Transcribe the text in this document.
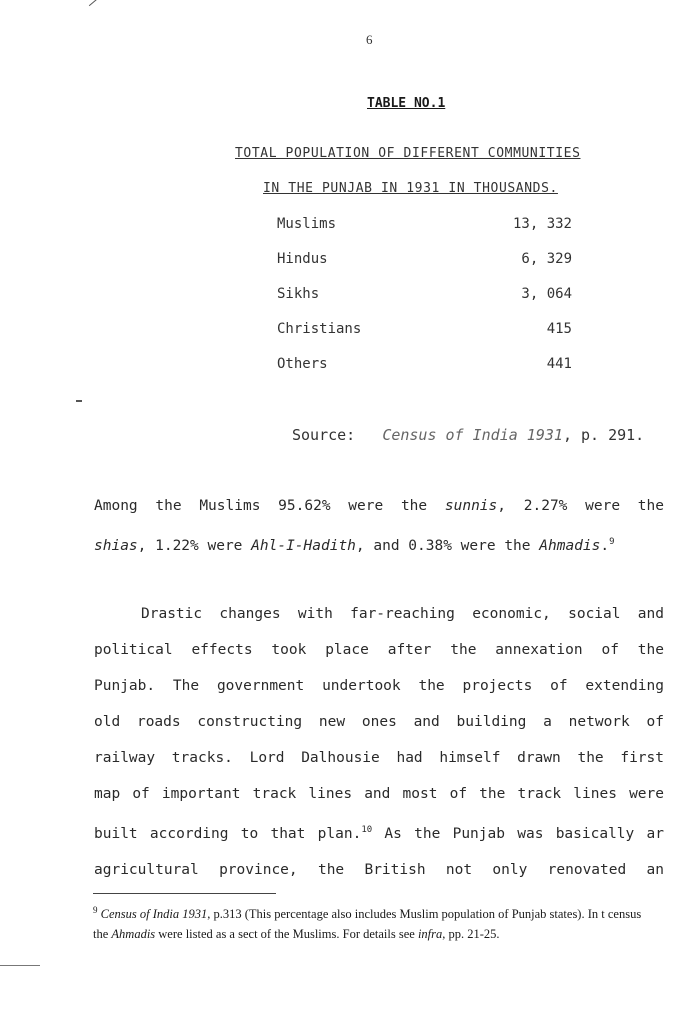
6
TABLE NO.1
TOTAL POPULATION OF DIFFERENT COMMUNITIES
IN THE PUNJAB IN 1931 IN THOUSANDS.
Muslims	13, 332
Hindus	6, 329
Sikhs	3, 064
Christians	415
Others	441
Source: Census of India 1931, p. 291.
Among the Muslims 95.62% were the sunnis, 2.27% were the
shias, 1.22% were Ahl-I-Hadith, and 0.38% were the Ahmadis.$^9$
Drastic changes with far-reaching economic, social and
political effects took place after the annexation of the
Punjab. The government undertook the projects of extending
old roads constructing new ones and building a network of
railway tracks. Lord Dalhousie had himself drawn the first
map of important track lines and most of the track lines were
built according to that plan.$^{10}$ As the Punjab was basically ar
agricultural province, the British not only renovated an
$^9$ Census of India 1931, p.313 (This percentage also includes Muslim population of Punjab states). In t census the Ahmadis were listed as a sect of the Muslims. For details see infra, pp. 21-25.
